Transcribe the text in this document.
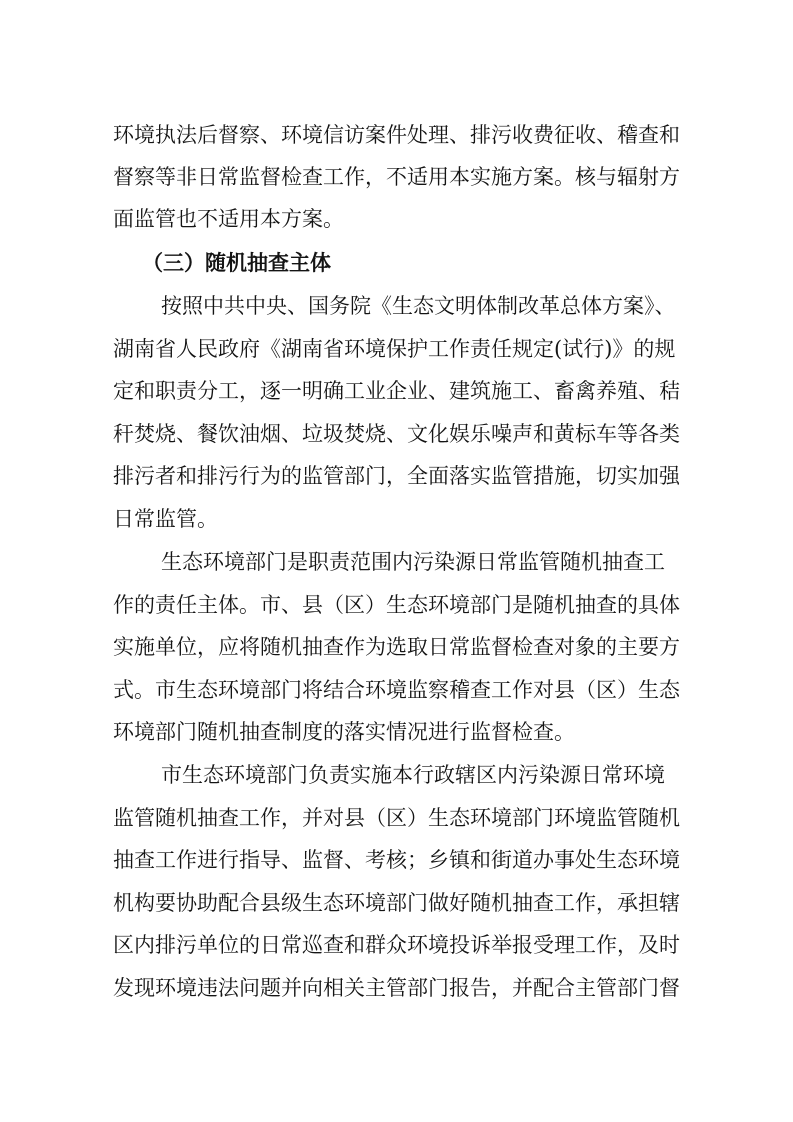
环境执法后督察、环境信访案件处理、排污收费征收、稽查和
督察等非日常监督检查工作，不适用本实施方案。核与辐射方
面监管也不适用本方案。
（三）随机抽查主体
按照中共中央、国务院《生态文明体制改革总体方案》、
湖南省人民政府《湖南省环境保护工作责任规定(试行)》的规
定和职责分工，逐一明确工业企业、建筑施工、畜禽养殖、秸
秆焚烧、餐饮油烟、垃圾焚烧、文化娱乐噪声和黄标车等各类
排污者和排污行为的监管部门，全面落实监管措施，切实加强
日常监管。
生态环境部门是职责范围内污染源日常监管随机抽查工
作的责任主体。市、县（区）生态环境部门是随机抽查的具体
实施单位，应将随机抽查作为选取日常监督检查对象的主要方
式。市生态环境部门将结合环境监察稽查工作对县（区）生态
环境部门随机抽查制度的落实情况进行监督检查。
市生态环境部门负责实施本行政辖区内污染源日常环境
监管随机抽查工作，并对县（区）生态环境部门环境监管随机
抽查工作进行指导、监督、考核；乡镇和街道办事处生态环境
机构要协助配合县级生态环境部门做好随机抽查工作，承担辖
区内排污单位的日常巡查和群众环境投诉举报受理工作，及时
发现环境违法问题并向相关主管部门报告，并配合主管部门督
